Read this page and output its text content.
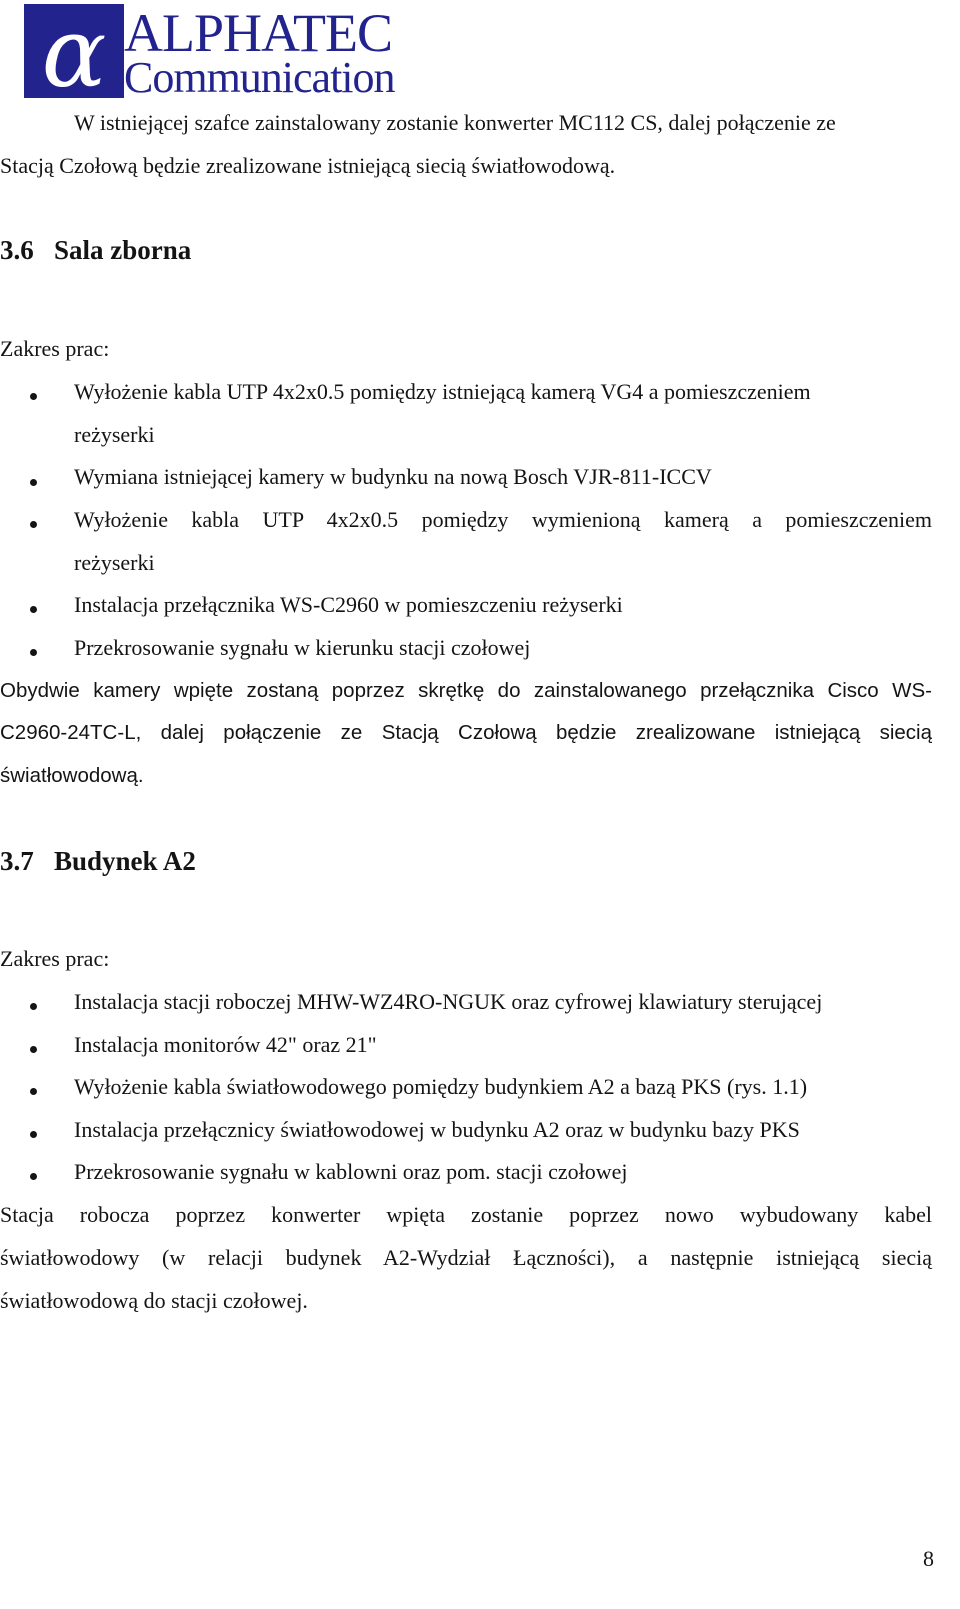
α ALPHATEC
Communication
W istniejącej szafce zainstalowany zostanie konwerter MC112 CS, dalej połączenie ze
Stacją Czołową będzie zrealizowane istniejącą siecią światłowodową.
3.6 Sala zborna
Zakres prac:
Wyłożenie kabla UTP 4x2x0.5 pomiędzy istniejącą kamerą VG4 a pomieszczeniem
reżyserki
Wymiana istniejącej kamery w budynku na nową Bosch VJR-811-ICCV
Wyłożenie kabla UTP 4x2x0.5 pomiędzy wymienioną kamerą a pomieszczeniem
reżyserki
Instalacja przełącznika WS-C2960 w pomieszczeniu reżyserki
Przekrosowanie sygnału w kierunku stacji czołowej
Obydwie kamery wpięte zostaną poprzez skrętkę do zainstalowanego przełącznika Cisco WS-
C2960-24TC-L, dalej połączenie ze Stacją Czołową będzie zrealizowane istniejącą siecią
światłowodową.
3.7 Budynek A2
Zakres prac:
Instalacja stacji roboczej MHW-WZ4RO-NGUK oraz cyfrowej klawiatury sterującej
Instalacja monitorów 42" oraz 21"
Wyłożenie kabla światłowodowego pomiędzy budynkiem A2 a bazą PKS (rys. 1.1)
Instalacja przełącznicy światłowodowej w budynku A2 oraz w budynku bazy PKS
Przekrosowanie sygnału w kablowni oraz pom. stacji czołowej
Stacja robocza poprzez konwerter wpięta zostanie poprzez nowo wybudowany kabel
światłowodowy (w relacji budynek A2-Wydział Łączności), a następnie istniejącą siecią
światłowodową do stacji czołowej.
8
